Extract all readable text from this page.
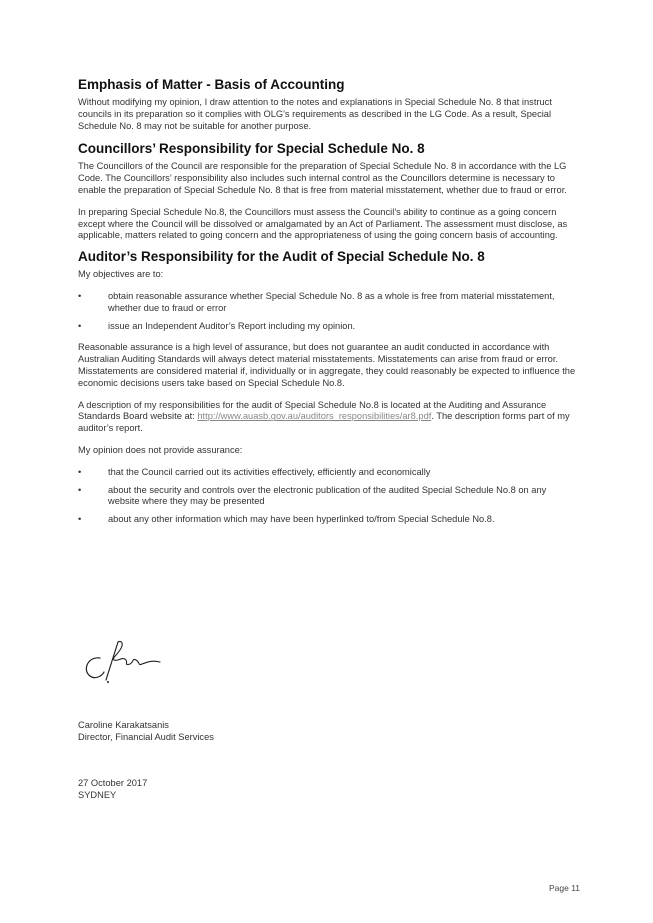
Emphasis of Matter - Basis of Accounting

Without modifying my opinion, I draw attention to the notes and explanations in Special Schedule No. 8 that instruct councils in its preparation so it complies with OLG's requirements as described in the LG Code. As a result, Special Schedule No. 8 may not be suitable for another purpose.

Councillors’ Responsibility for Special Schedule No. 8

The Councillors of the Council are responsible for the preparation of Special Schedule No. 8 in accordance with the LG Code. The Councillors’ responsibility also includes such internal control as the Councillors determine is necessary to enable the preparation of Special Schedule No. 8 that is free from material misstatement, whether due to fraud or error.

In preparing Special Schedule No.8, the Councillors must assess the Council’s ability to continue as a going concern except where the Council will be dissolved or amalgamated by an Act of Parliament. The assessment must disclose, as applicable, matters related to going concern and the appropriateness of using the going concern basis of accounting.

Auditor’s Responsibility for the Audit of Special Schedule No. 8

My objectives are to:

•	obtain reasonable assurance whether Special Schedule No. 8 as a whole is free from material misstatement, whether due to fraud or error
•	issue an Independent Auditor’s Report including my opinion.

Reasonable assurance is a high level of assurance, but does not guarantee an audit conducted in accordance with Australian Auditing Standards will always detect material misstatements. Misstatements can arise from fraud or error. Misstatements are considered material if, individually or in aggregate, they could reasonably be expected to influence the economic decisions users take based on Special Schedule No.8.

A description of my responsibilities for the audit of Special Schedule No.8 is located at the Auditing and Assurance Standards Board website at: http://www.auasb.gov.au/auditors_responsibilities/ar8.pdf. The description forms part of my auditor’s report.

My opinion does not provide assurance:

•	that the Council carried out its activities effectively, efficiently and economically
•	about the security and controls over the electronic publication of the audited Special Schedule No.8 on any website where they may be presented
•	about any other information which may have been hyperlinked to/from Special Schedule No.8.

Caroline Karakatsanis

Director, Financial Audit Services

27 October 2017

SYDNEY

Page 11
